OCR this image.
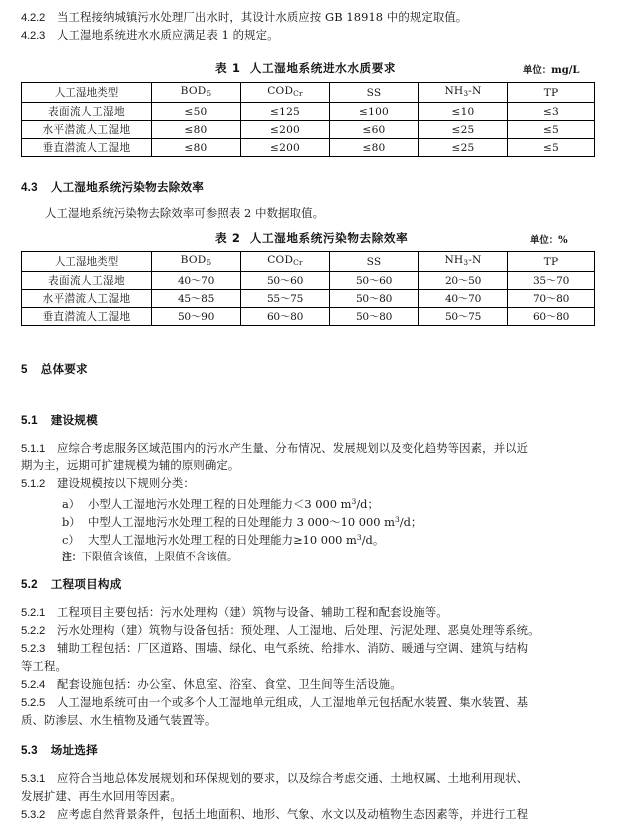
4.2.2 当工程接纳城镇污水处理厂出水时，其设计水质应按 GB 18918 中的规定取值。
4.2.3 人工湿地系统进水水质应满足表 1 的规定。
表 1 人工湿地系统进水水质要求	单位：mg/L
人工湿地类型	$BOD_5$	$COD_{Cr}$	SS	$NH_3-N$	TP
表面流人工湿地	≤50	≤125	≤100	≤10	≤3
水平潜流人工湿地	≤80	≤200	≤60	≤25	≤5
垂直潜流人工湿地	≤80	≤200	≤80	≤25	≤5
4.3 人工湿地系统污染物去除效率
人工湿地系统污染物去除效率可参照表 2 中数据取值。
表 2 人工湿地系统污染物去除效率	单位：%
人工湿地类型	$BOD_5$	$COD_{Cr}$	SS	$NH_3-N$	TP
表面流人工湿地	40～70	50～60	50～60	20～50	35～70
水平潜流人工湿地	45～85	55～75	50～80	40～70	70～80
垂直潜流人工湿地	50～90	60～80	50～80	50～75	60～80
5 总体要求
5.1 建设规模
5.1.1 应综合考虑服务区域范围内的污水产生量、分布情况、发展规划以及变化趋势等因素，并以近
期为主，远期可扩建规模为辅的原则确定。
5.1.2 建设规模按以下规则分类：
a） 小型人工湿地污水处理工程的日处理能力＜3 000 $m^3/d$；
b） 中型人工湿地污水处理工程的日处理能力 3 000～10 000 $m^3/d$；
c） 大型人工湿地污水处理工程的日处理能力≥10 000 $m^3/d$。
注：下限值含该值，上限值不含该值。
5.2 工程项目构成
5.2.1 工程项目主要包括：污水处理构（建）筑物与设备、辅助工程和配套设施等。
5.2.2 污水处理构（建）筑物与设备包括：预处理、人工湿地、后处理、污泥处理、恶臭处理等系统。
5.2.3 辅助工程包括：厂区道路、围墙、绿化、电气系统、给排水、消防、暖通与空调、建筑与结构
等工程。
5.2.4 配套设施包括：办公室、休息室、浴室、食堂、卫生间等生活设施。
5.2.5 人工湿地系统可由一个或多个人工湿地单元组成，人工湿地单元包括配水装置、集水装置、基
质、防渗层、水生植物及通气装置等。
5.3 场址选择
5.3.1 应符合当地总体发展规划和环保规划的要求，以及综合考虑交通、土地权属、土地利用现状、
发展扩建、再生水回用等因素。
5.3.2 应考虑自然背景条件，包括土地面积、地形、气象、水文以及动植物生态因素等，并进行工程
